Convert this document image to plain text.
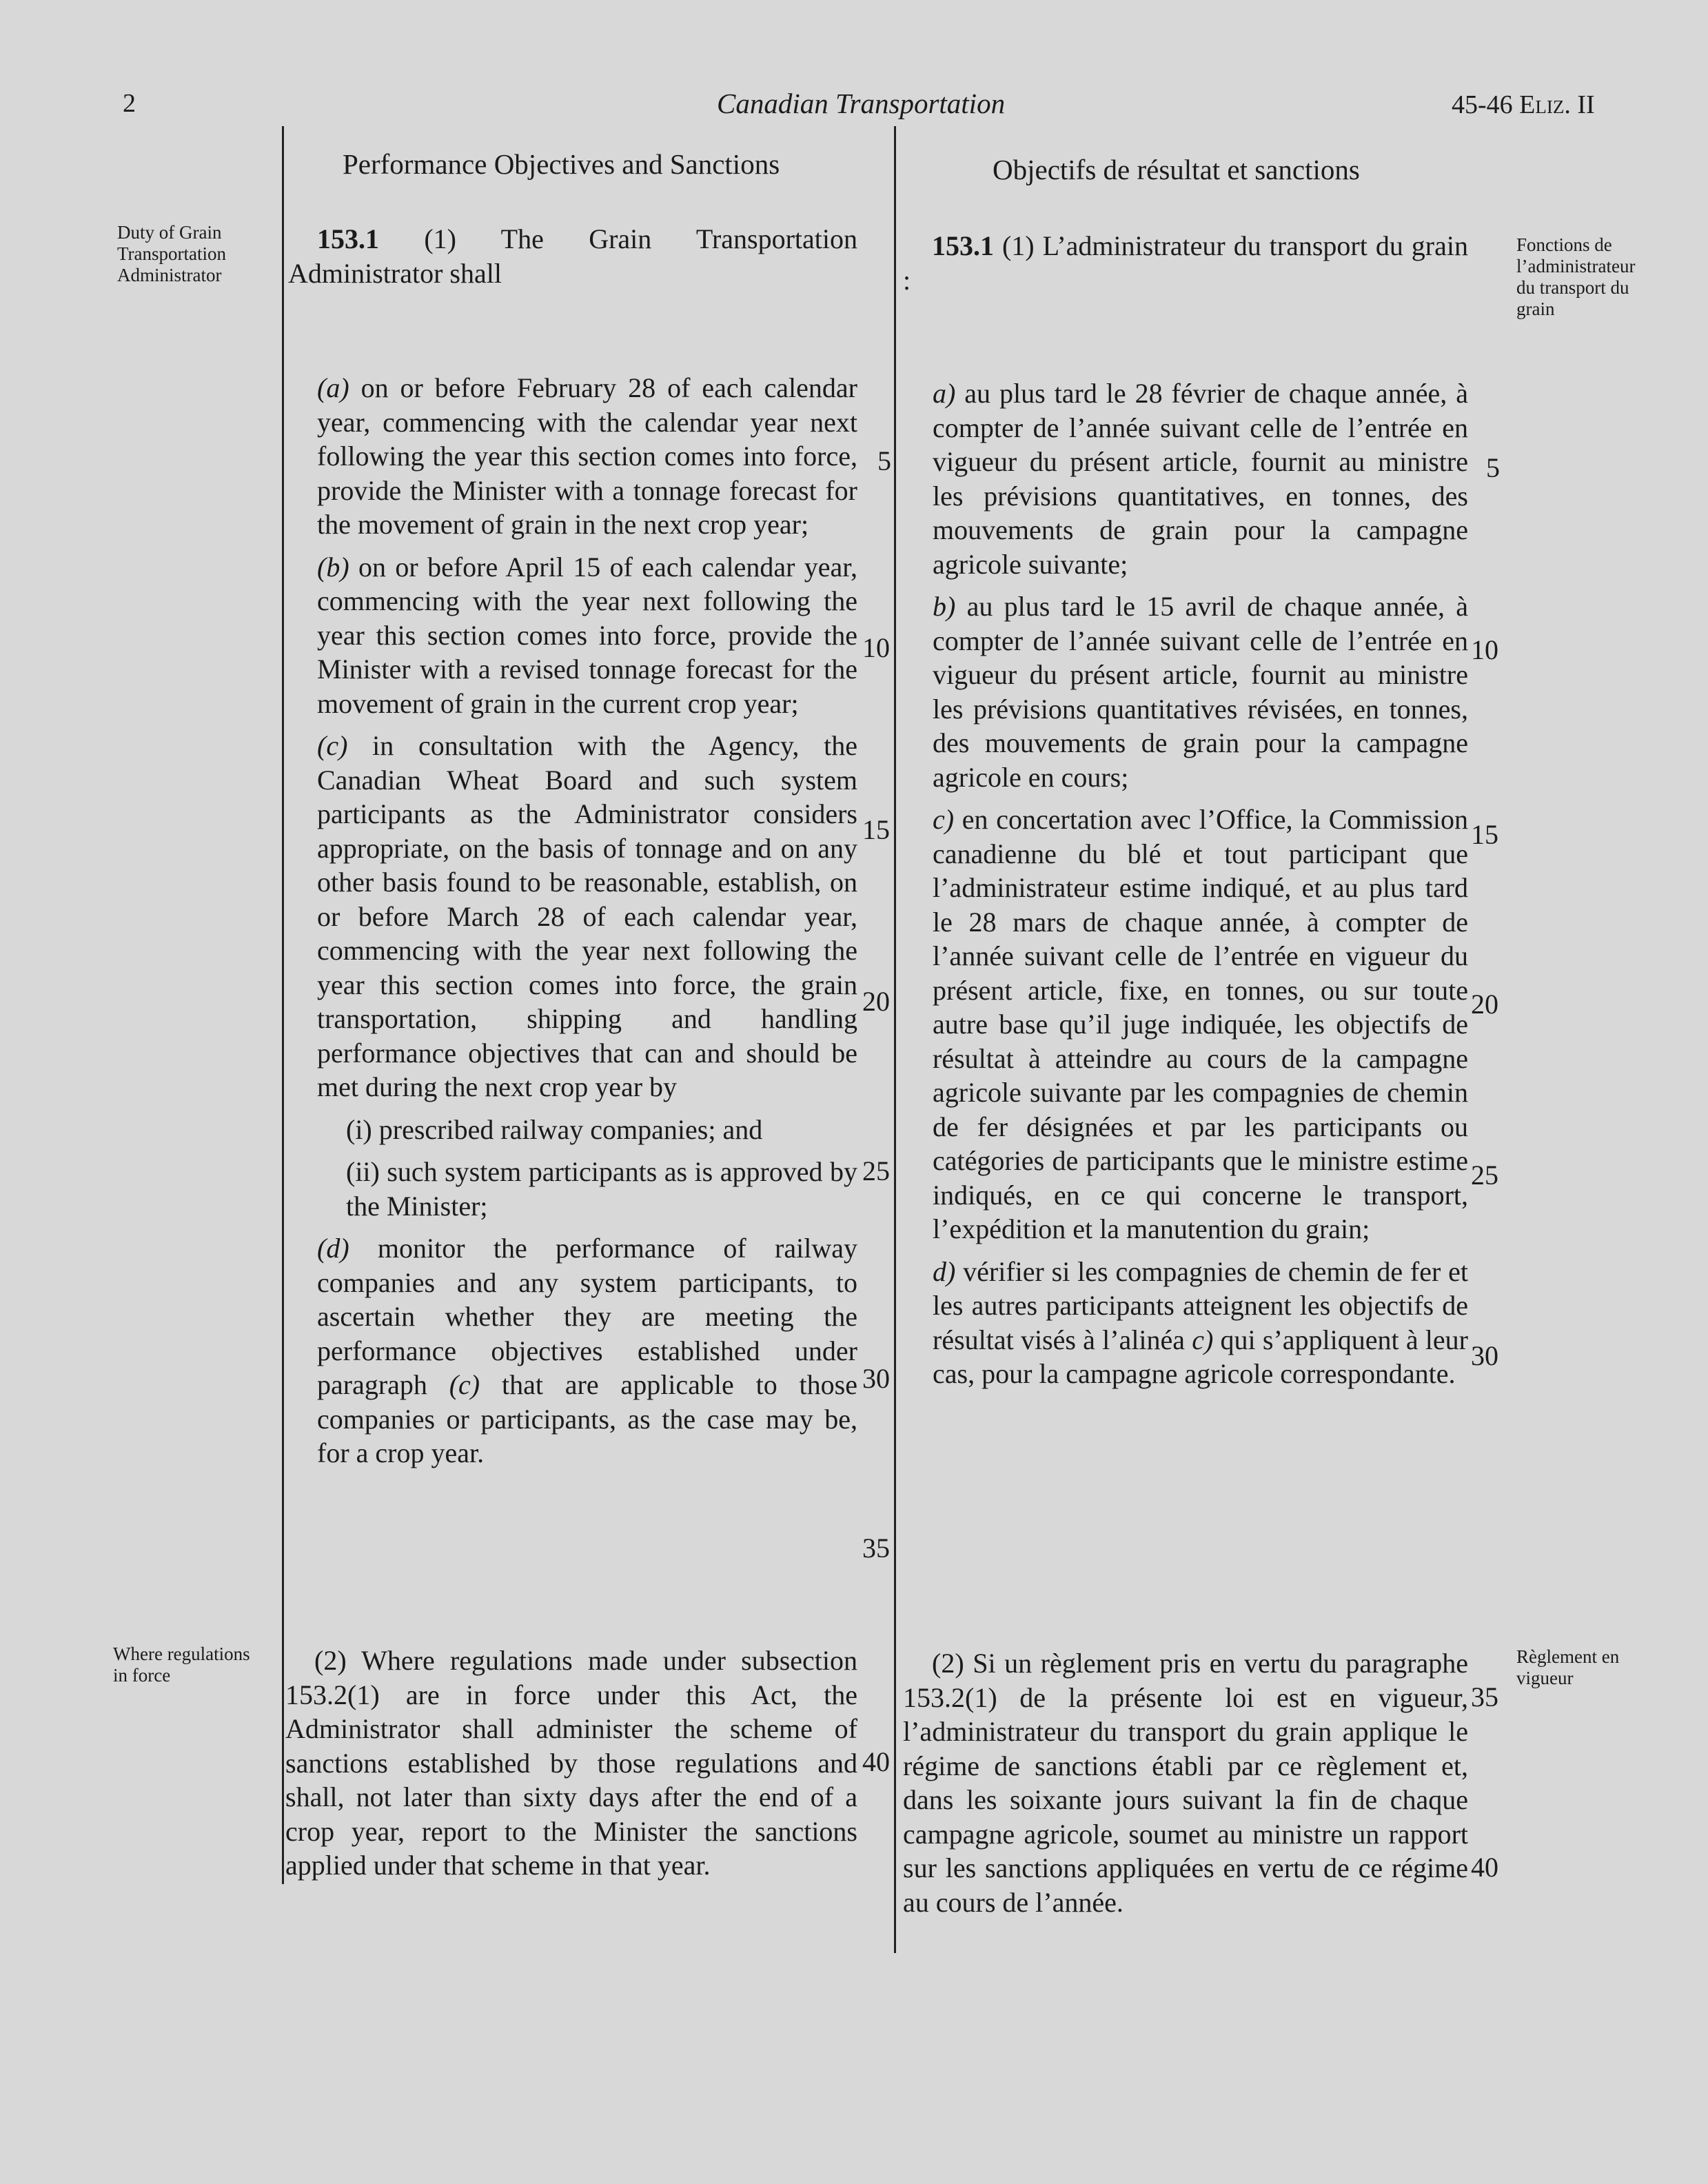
2	Canadian Transportation	45-46 Eliz. II
Performance Objectives and Sanctions	Objectifs de résultat et sanctions
Duty of Grain Transportation Administrator
Where regulations in force
Fonctions de l’administrateur du transport du grain
Règlement en vigueur

153.1 (1) The Grain Transportation Administrator shall

(a) on or before February 28 of each calendar year, commencing with the calendar year next following the year this section comes into force, provide the Minister with a tonnage forecast for the movement of grain in the next crop year;

(b) on or before April 15 of each calendar year, commencing with the year next following the year this section comes into force, provide the Minister with a revised tonnage forecast for the movement of grain in the current crop year;

(c) in consultation with the Agency, the Canadian Wheat Board and such system participants as the Administrator considers appropriate, on the basis of tonnage and on any other basis found to be reasonable, establish, on or before March 28 of each calendar year, commencing with the year next following the year this section comes into force, the grain transportation, shipping and handling performance objectives that can and should be met during the next crop year by

(i) prescribed railway companies; and

(ii) such system participants as is approved by the Minister;

(d) monitor the performance of railway companies and any system participants, to ascertain whether they are meeting the performance objectives established under paragraph (c) that are applicable to those companies or participants, as the case may be, for a crop year.

(2) Where regulations made under subsection 153.2(1) are in force under this Act, the Administrator shall administer the scheme of sanctions established by those regulations and shall, not later than sixty days after the end of a crop year, report to the Minister the sanctions applied under that scheme in that year.

5
10
15
20
25
30
35
40

153.1 (1) L’administrateur du transport du grain :

a) au plus tard le 28 février de chaque année, à compter de l’année suivant celle de l’entrée en vigueur du présent article, fournit au ministre les prévisions quantitatives, en tonnes, des mouvements de grain pour la campagne agricole suivante;

b) au plus tard le 15 avril de chaque année, à compter de l’année suivant celle de l’entrée en vigueur du présent article, fournit au ministre les prévisions quantitatives révisées, en tonnes, des mouvements de grain pour la campagne agricole en cours;

c) en concertation avec l’Office, la Commission canadienne du blé et tout participant que l’administrateur estime indiqué, et au plus tard le 28 mars de chaque année, à compter de l’année suivant celle de l’entrée en vigueur du présent article, fixe, en tonnes, ou sur toute autre base qu’il juge indiquée, les objectifs de résultat à atteindre au cours de la campagne agricole suivante par les compagnies de chemin de fer désignées et par les participants ou catégories de participants que le ministre estime indiqués, en ce qui concerne le transport, l’expédition et la manutention du grain;

d) vérifier si les compagnies de chemin de fer et les autres participants atteignent les objectifs de résultat visés à l’alinéa c) qui s’appliquent à leur cas, pour la campagne agricole correspondante.

(2) Si un règlement pris en vertu du paragraphe 153.2(1) de la présente loi est en vigueur, l’administrateur du transport du grain applique le régime de sanctions établi par ce règlement et, dans les soixante jours suivant la fin de chaque campagne agricole, soumet au ministre un rapport sur les sanctions appliquées en vertu de ce régime au cours de l’année.

5
10
15
20
25
30
35
40
